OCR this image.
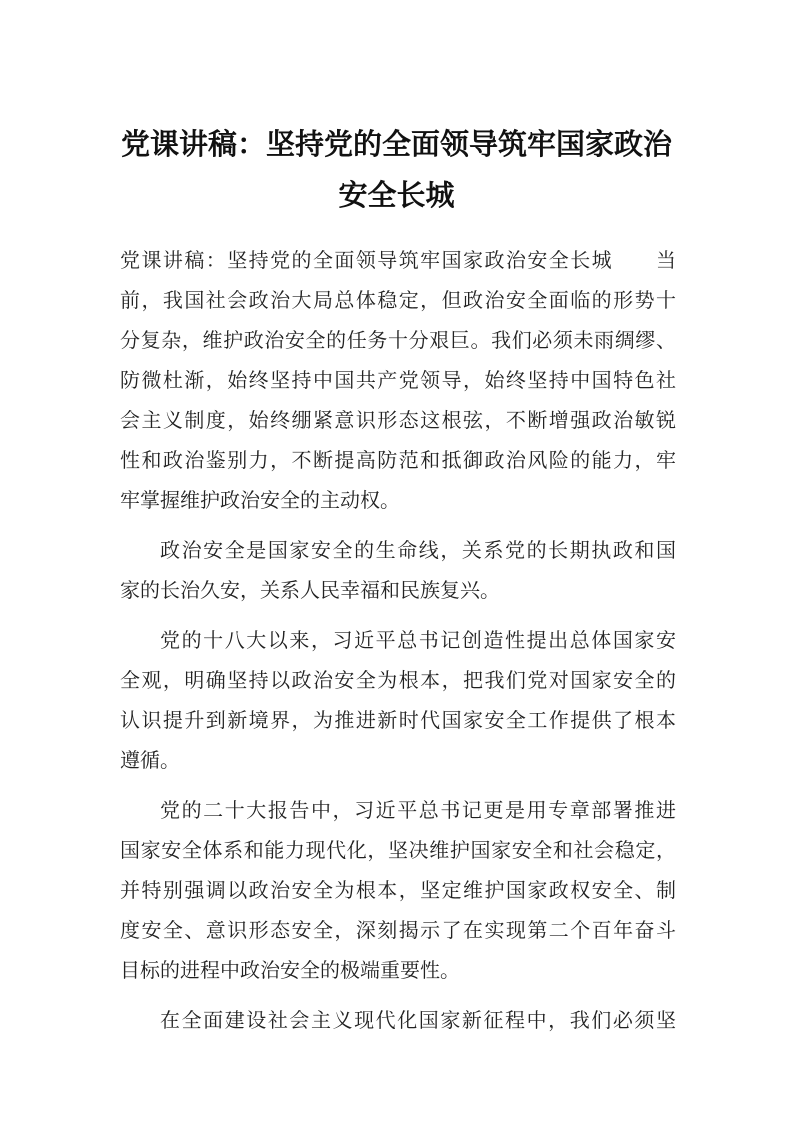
党课讲稿：坚持党的全面领导筑牢国家政治
安全长城
党课讲稿：坚持党的全面领导筑牢国家政治安全长城　　当
前，我国社会政治大局总体稳定，但政治安全面临的形势十
分复杂，维护政治安全的任务十分艰巨。我们必须未雨绸缪、
防微杜渐，始终坚持中国共产党领导，始终坚持中国特色社
会主义制度，始终绷紧意识形态这根弦，不断增强政治敏锐
性和政治鉴别力，不断提高防范和抵御政治风险的能力，牢
牢掌握维护政治安全的主动权。
政治安全是国家安全的生命线，关系党的长期执政和国
家的长治久安，关系人民幸福和民族复兴。
党的十八大以来，习近平总书记创造性提出总体国家安
全观，明确坚持以政治安全为根本，把我们党对国家安全的
认识提升到新境界，为推进新时代国家安全工作提供了根本
遵循。
党的二十大报告中，习近平总书记更是用专章部署推进
国家安全体系和能力现代化，坚决维护国家安全和社会稳定，
并特别强调以政治安全为根本，坚定维护国家政权安全、制
度安全、意识形态安全，深刻揭示了在实现第二个百年奋斗
目标的进程中政治安全的极端重要性。
在全面建设社会主义现代化国家新征程中，我们必须坚
